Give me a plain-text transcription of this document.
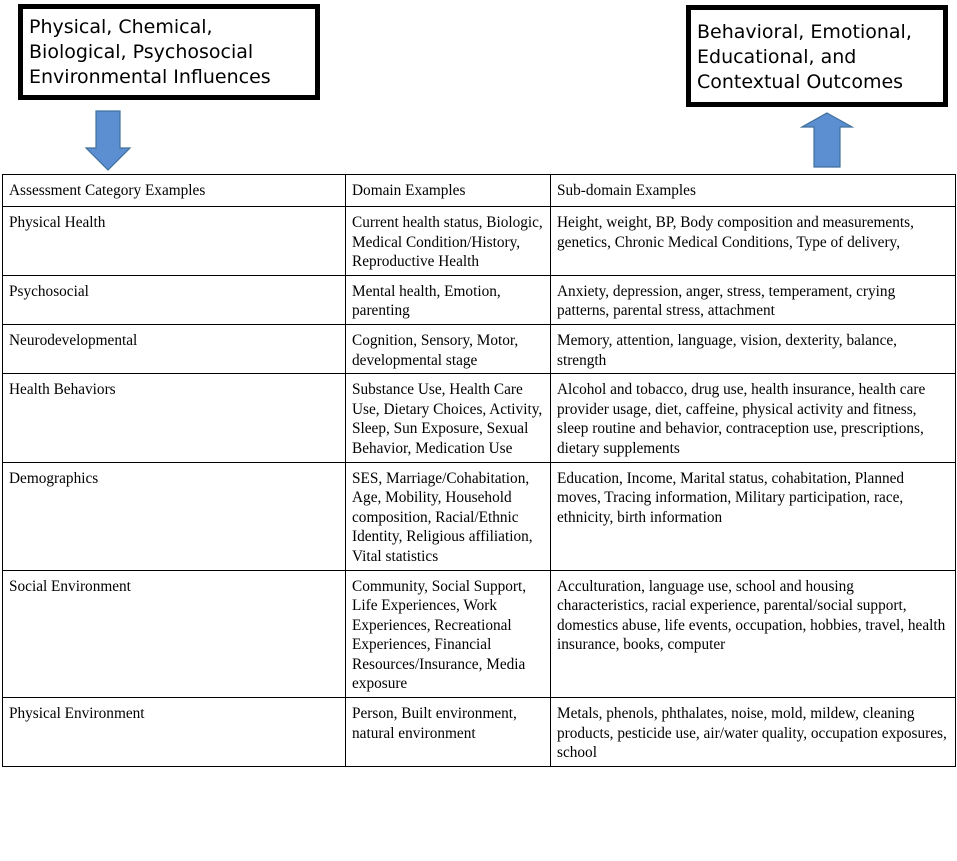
Physical, Chemical, Biological, Psychosocial Environmental Influences
Behavioral, Emotional, Educational, and Contextual Outcomes
Assessment Category Examples	Domain Examples	Sub-domain Examples
Physical Health	Current health status, Biologic, Medical Condition/History, Reproductive Health	Height, weight, BP, Body composition and measurements, genetics, Chronic Medical Conditions, Type of delivery,
Psychosocial	Mental health, Emotion, parenting	Anxiety, depression, anger, stress, temperament, crying patterns, parental stress, attachment
Neurodevelopmental	Cognition, Sensory, Motor, developmental stage	Memory, attention, language, vision, dexterity, balance, strength
Health Behaviors	Substance Use, Health Care Use, Dietary Choices, Activity, Sleep, Sun Exposure, Sexual Behavior, Medication Use	Alcohol and tobacco, drug use, health insurance, health care provider usage, diet, caffeine, physical activity and fitness, sleep routine and behavior, contraception use, prescriptions, dietary supplements
Demographics	SES, Marriage/Cohabitation, Age, Mobility, Household composition, Racial/Ethnic Identity, Religious affiliation, Vital statistics	Education, Income, Marital status, cohabitation, Planned moves, Tracing information, Military participation, race, ethnicity, birth information
Social Environment	Community, Social Support, Life Experiences, Work Experiences, Recreational Experiences, Financial Resources/Insurance, Media exposure	Acculturation, language use, school and housing characteristics, racial experience, parental/social support, domestics abuse, life events, occupation, hobbies, travel, health insurance, books, computer
Physical Environment	Person, Built environment, natural environment	Metals, phenols, phthalates, noise, mold, mildew, cleaning products, pesticide use, air/water quality, occupation exposures, school
